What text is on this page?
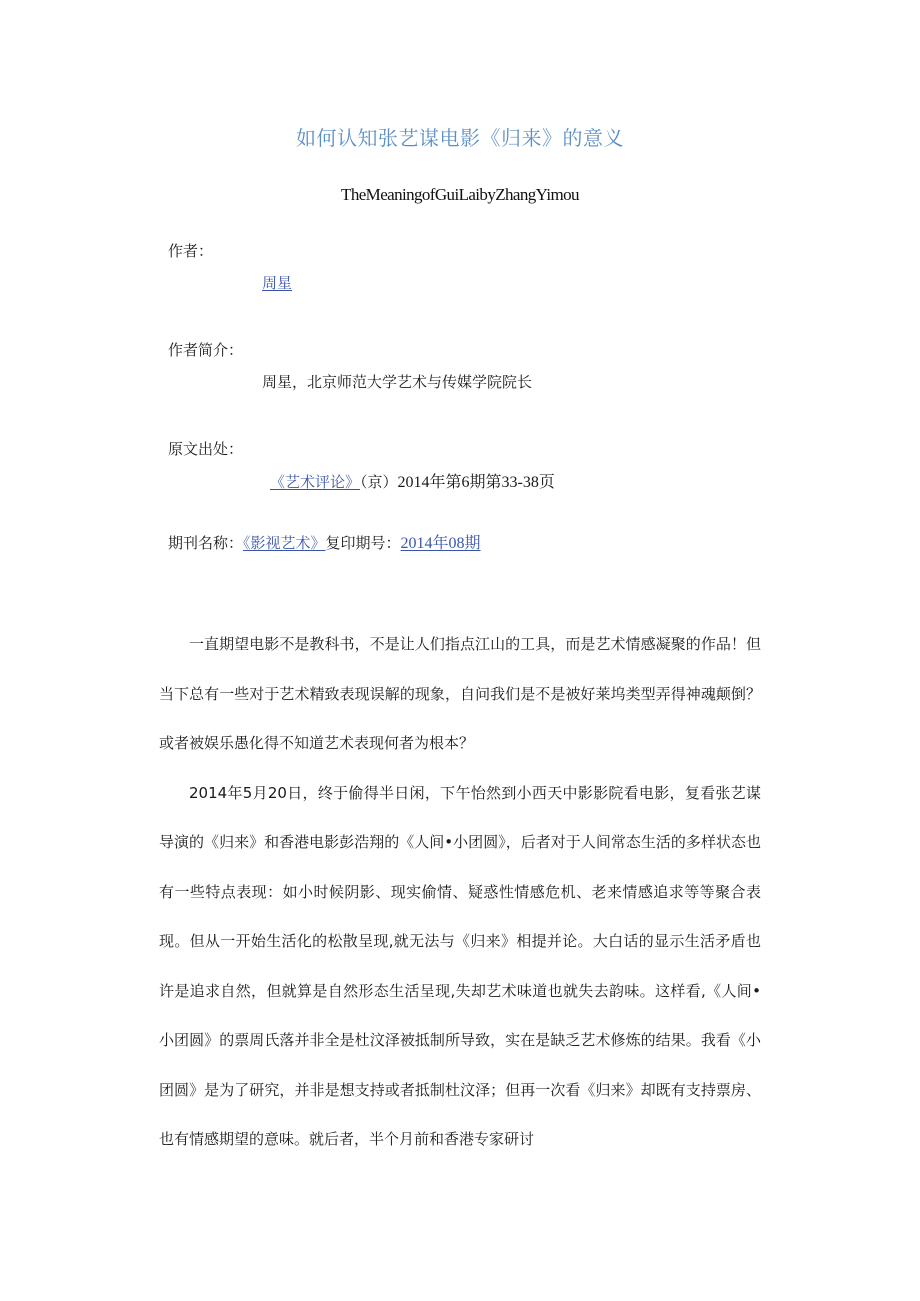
如何认知张艺谋电影《归来》的意义
TheMeaningofGuiLaibyZhangYimou
作者：
周星
作者简介：
周星，北京师范大学艺术与传媒学院院长
原文出处：
《艺术评论》（京）2014年第6期第33-38页
期刊名称：《影视艺术》复印期号：2014年08期

一直期望电影不是教科书，不是让人们指点江山的工具，而是艺术情感凝聚的作品！但当下总有一些对于艺术精致表现误解的现象，自问我们是不是被好莱坞类型弄得神魂颠倒？或者被娱乐愚化得不知道艺术表现何者为根本？

2014年5月20日，终于偷得半日闲，下午怡然到小西天中影影院看电影，复看张艺谋导演的《归来》和香港电影彭浩翔的《人间•小团圆》，后者对于人间常态生活的多样状态也有一些特点表现：如小时候阴影、现实偷情、疑惑性情感危机、老来情感追求等等聚合表现。但从一开始生活化的松散呈现,就无法与《归来》相提并论。大白话的显示生活矛盾也许是追求自然，但就算是自然形态生活呈现,失却艺术味道也就失去韵味。这样看,《人间•小团圆》的票周氏落并非全是杜汶泽被抵制所导致，实在是缺乏艺术修炼的结果。我看《小团圆》是为了研究，并非是想支持或者抵制杜汶泽；但再一次看《归来》却既有支持票房、也有情感期望的意味。就后者，半个月前和香港专家研讨
